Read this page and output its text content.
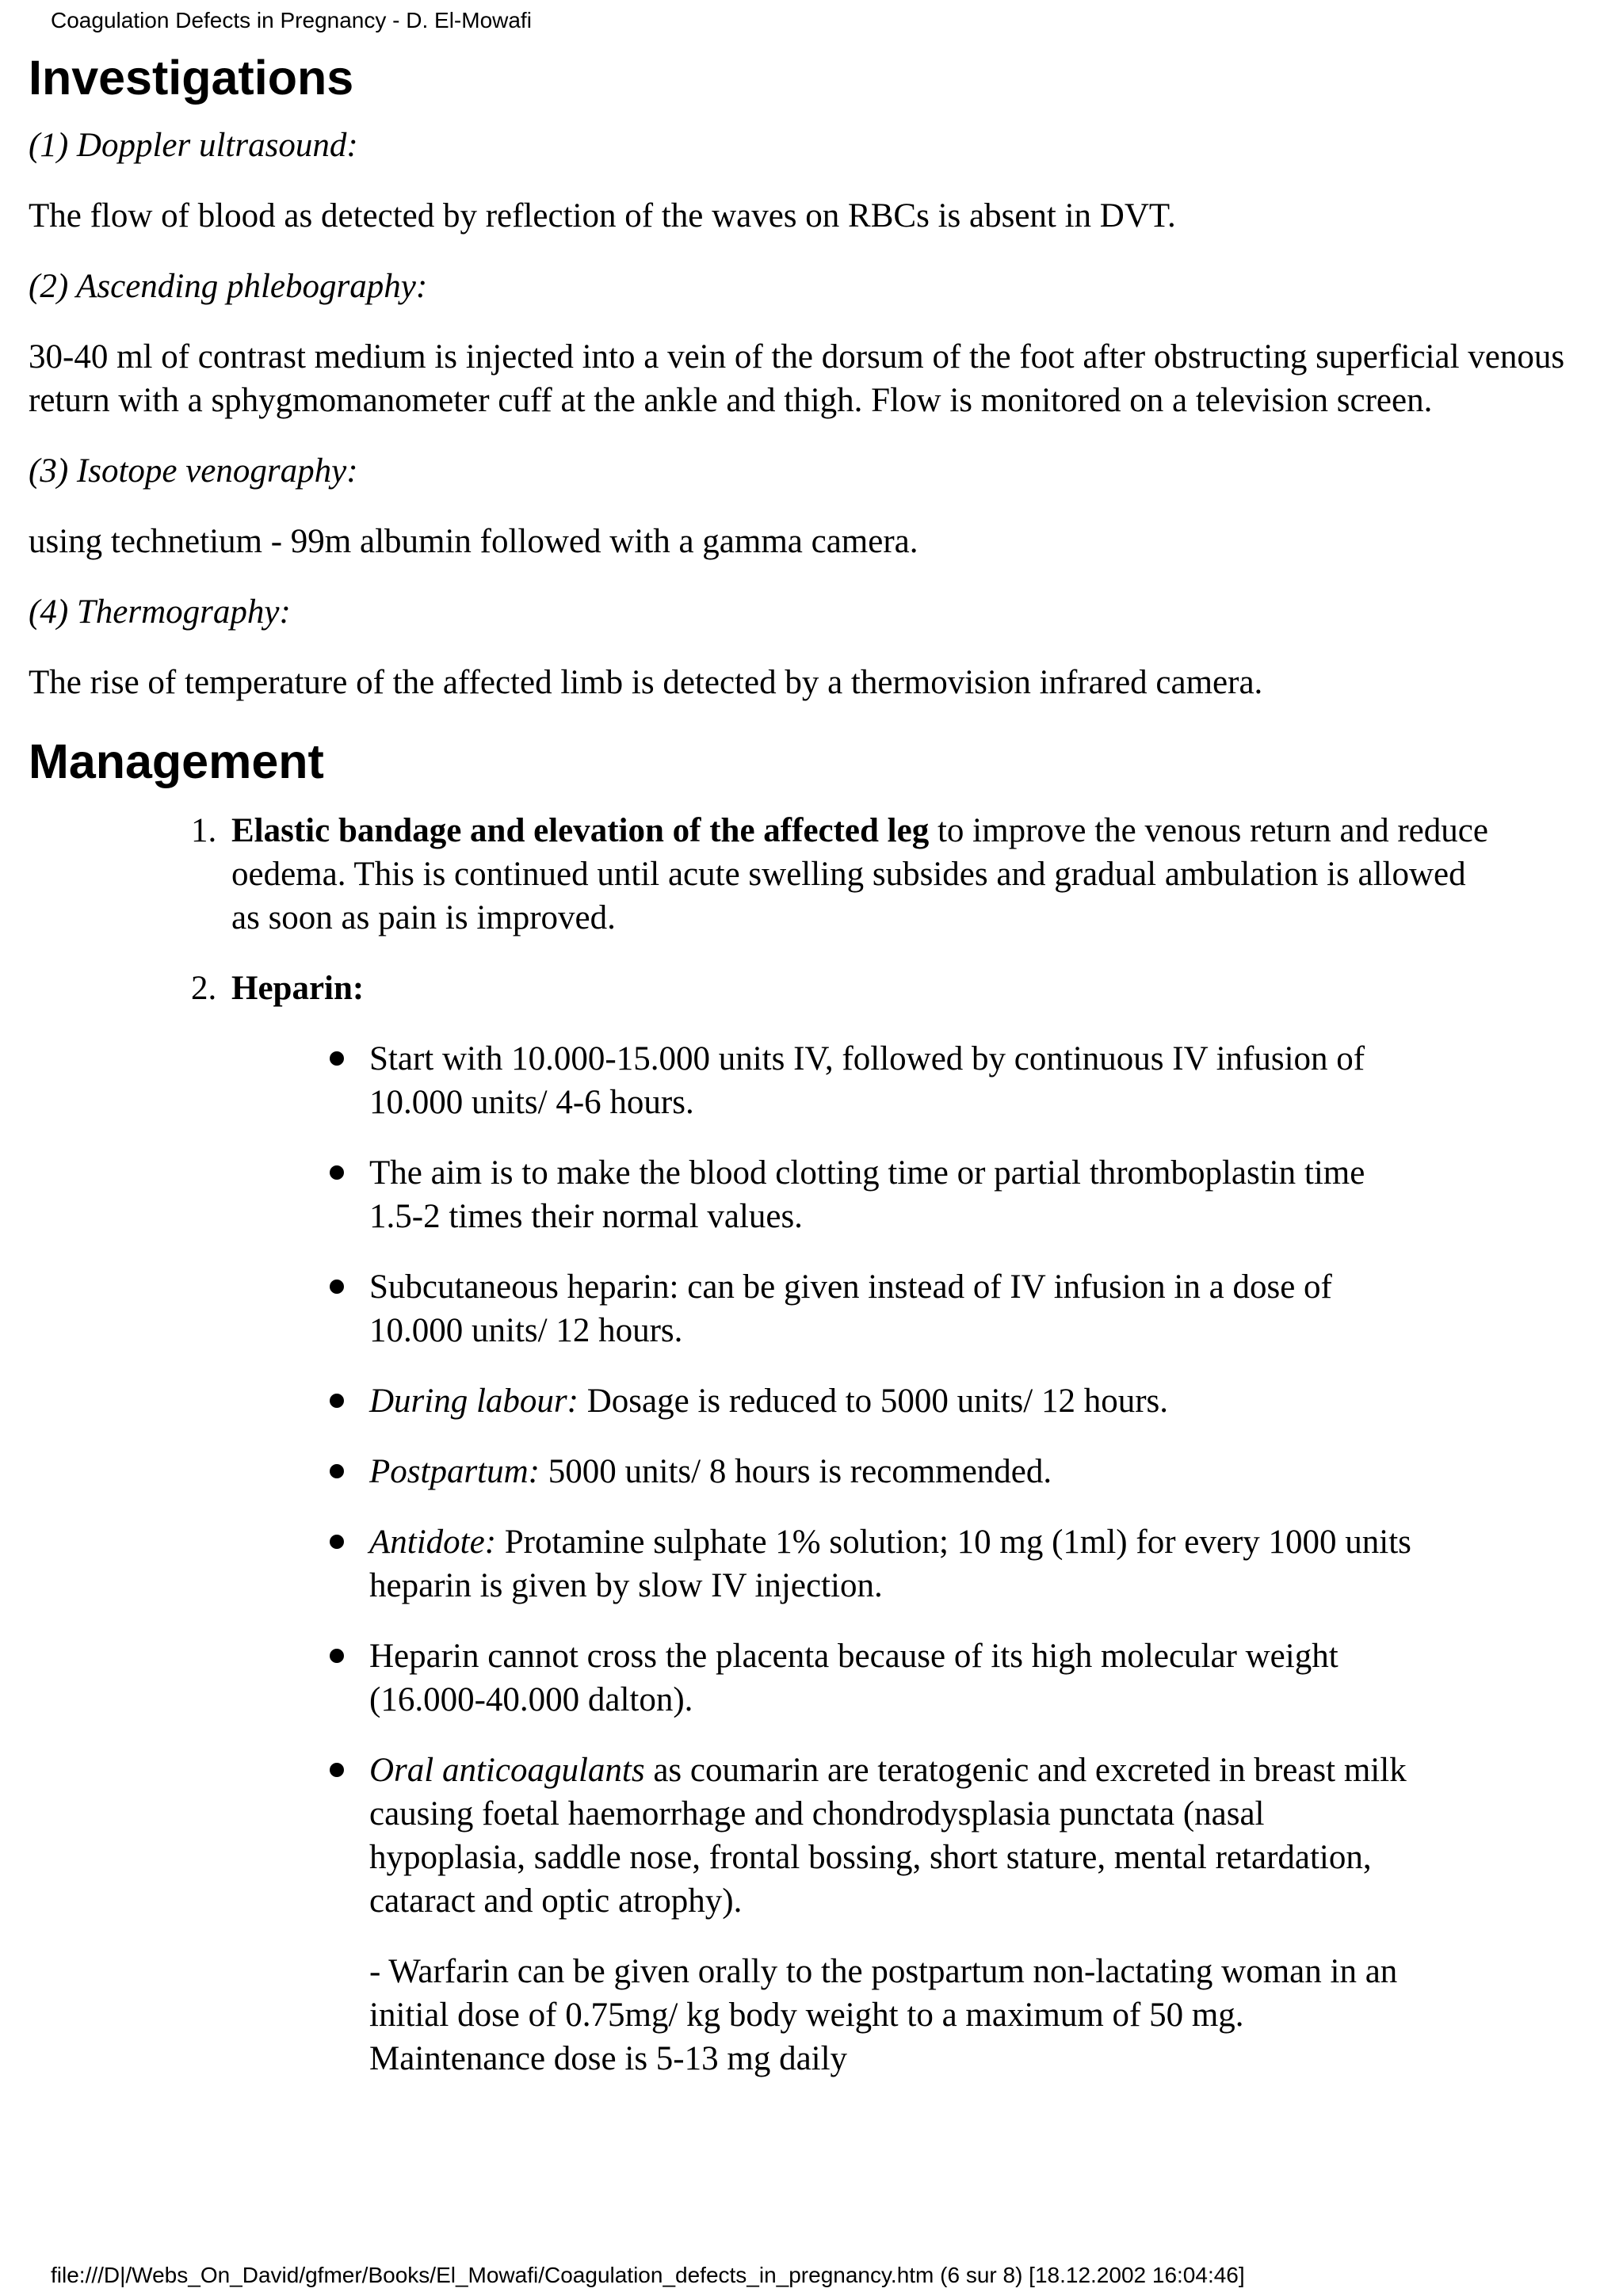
Coagulation Defects in Pregnancy - D. El-Mowafi
Investigations

(1) Doppler ultrasound:

The flow of blood as detected by reflection of the waves on RBCs is absent in DVT.

(2) Ascending phlebography:

30-40 ml of contrast medium is injected into a vein of the dorsum of the foot after obstructing superficial venous return with a sphygmomanometer cuff at the ankle and thigh. Flow is monitored on a television screen.

(3) Isotope venography:

using technetium - 99m albumin followed with a gamma camera.

(4) Thermography:

The rise of temperature of the affected limb is detected by a thermovision infrared camera.

Management
1. Elastic bandage and elevation of the affected leg to improve the venous return and reduce oedema. This is continued until acute swelling subsides and gradual ambulation is allowed as soon as pain is improved.
2. Heparin:
Start with 10.000-15.000 units IV, followed by continuous IV infusion of 10.000 units/ 4-6 hours.
The aim is to make the blood clotting time or partial thromboplastin time 1.5-2 times their normal values.
Subcutaneous heparin: can be given instead of IV infusion in a dose of 10.000 units/ 12 hours.
During labour: Dosage is reduced to 5000 units/ 12 hours.
Postpartum: 5000 units/ 8 hours is recommended.
Antidote: Protamine sulphate 1% solution; 10 mg (1ml) for every 1000 units heparin is given by slow IV injection.
Heparin cannot cross the placenta because of its high molecular weight (16.000-40.000 dalton).
Oral anticoagulants as coumarin are teratogenic and excreted in breast milk causing foetal haemorrhage and chondrodysplasia punctata (nasal hypoplasia, saddle nose, frontal bossing, short stature, mental retardation, cataract and optic atrophy).

- Warfarin can be given orally to the postpartum non-lactating woman in an initial dose of 0.75mg/ kg body weight to a maximum of 50 mg. Maintenance dose is 5-13 mg daily

file:///D|/Webs_On_David/gfmer/Books/El_Mowafi/Coagulation_defects_in_pregnancy.htm (6 sur 8) [18.12.2002 16:04:46]
